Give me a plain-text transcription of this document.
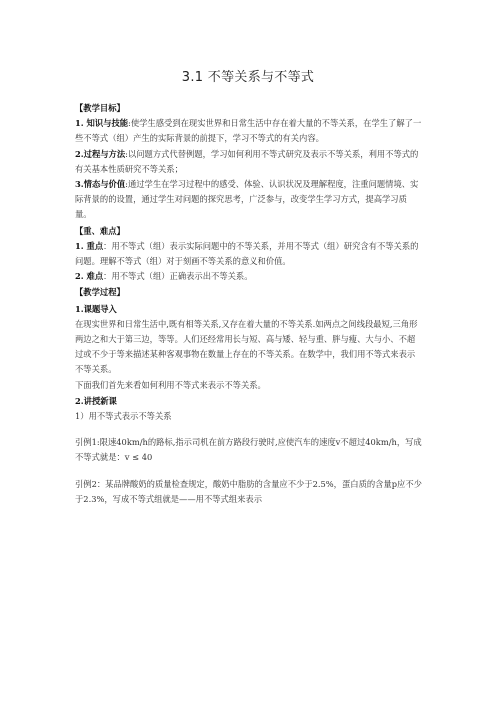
3.1 不等关系与不等式

【教学目标】

1. 知识与技能:使学生感受到在现实世界和日常生活中存在着大量的不等关系，在学生了解了一些不等式（组）产生的实际背景的前提下，学习不等式的有关内容。

2.过程与方法:以问题方式代替例题，学习如何利用不等式研究及表示不等关系，利用不等式的有关基本性质研究不等关系；

3.情态与价值:通过学生在学习过程中的感受、体验、认识状况及理解程度，注重问题情境、实际背景的的设置，通过学生对问题的探究思考，广泛参与，改变学生学习方式，提高学习质量。

【重、难点】

1. 重点：用不等式（组）表示实际问题中的不等关系，并用不等式（组）研究含有不等关系的问题。理解不等式（组）对于刻画不等关系的意义和价值。

2. 难点：用不等式（组）正确表示出不等关系。

【教学过程】

1.课题导入

在现实世界和日常生活中,既有相等关系,又存在着大量的不等关系.如两点之间线段最短,三角形两边之和大于第三边，等等。人们还经常用长与短、高与矮、轻与重、胖与瘦、大与小、不超过或不少于等来描述某种客观事物在数量上存在的不等关系。在数学中，我们用不等式来表示不等关系。

下面我们首先来看如何利用不等式来表示不等关系。

2.讲授新课

1）用不等式表示不等关系

引例1:限速40km/h的路标,指示司机在前方路段行驶时,应使汽车的速度v不超过40km/h，写成不等式就是：v ≤ 40

引例2：某品牌酸奶的质量检查规定，酸奶中脂肪的含量应不少于2.5%，蛋白质的含量p应不少于2.3%，写成不等式组就是——用不等式组来表示
